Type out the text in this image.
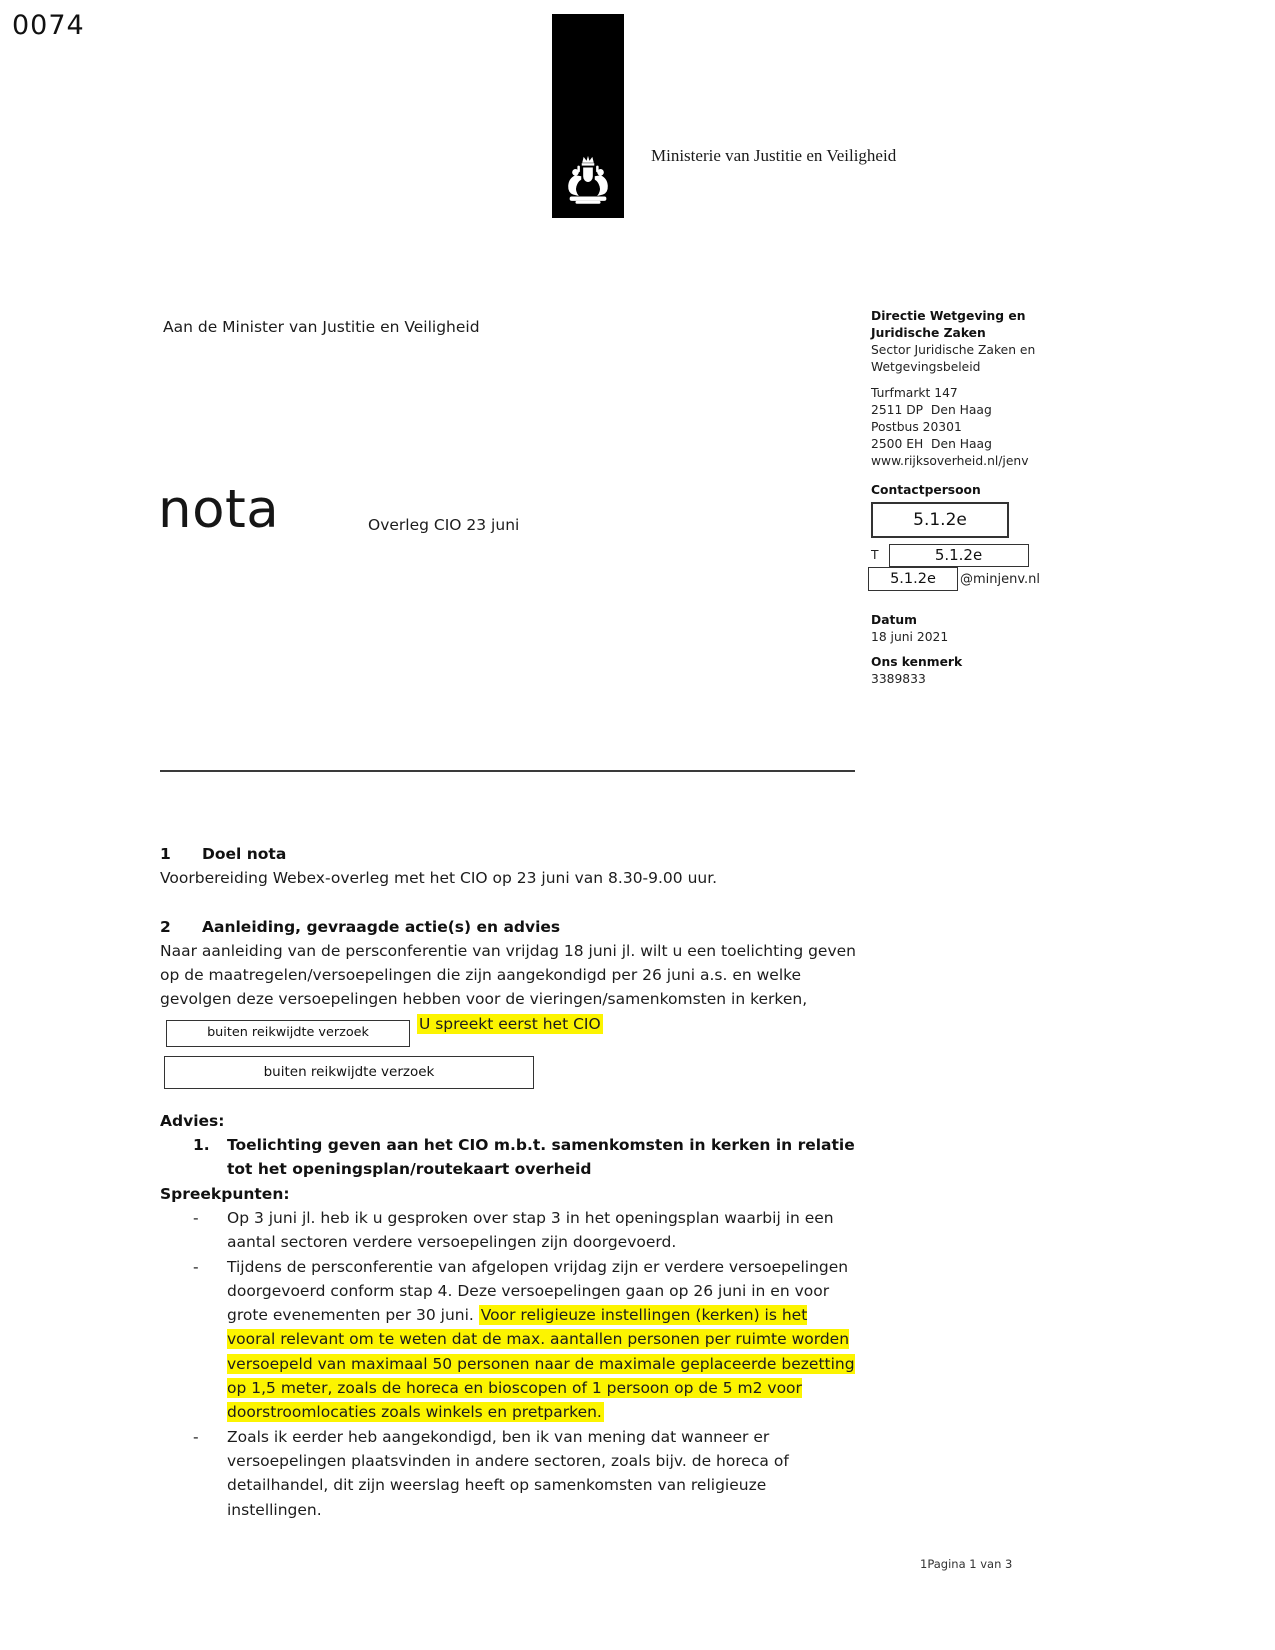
0074
Ministerie van Justitie en Veiligheid
Aan de Minister van Justitie en Veiligheid
nota	Overleg CIO 23 juni
Directie Wetgeving en Juridische Zaken
Sector Juridische Zaken en Wetgevingsbeleid
Turfmarkt 147
2511 DP  Den Haag
Postbus 20301
2500 EH  Den Haag
www.rijksoverheid.nl/jenv
Contactpersoon
5.1.2e
T	5.1.2e
5.1.2e	@minjenv.nl
Datum
18 juni 2021
Ons kenmerk
3389833
1	Doel nota

Voorbereiding Webex-overleg met het CIO op 23 juni van 8.30-9.00 uur.

2	Aanleiding, gevraagde actie(s) en advies

Naar aanleiding van de persconferentie van vrijdag 18 juni jl. wilt u een toelichting geven op de maatregelen/versoepelingen die zijn aangekondigd per 26 juni a.s. en welke gevolgen deze versoepelingen hebben voor de vieringen/samenkomsten in kerken, buiten reikwijdte verzoek	U spreekt eerst het CIO buiten reikwijdte verzoek

Advies:

1.	Toelichting geven aan het CIO m.b.t. samenkomsten in kerken in relatie tot het openingsplan/routekaart overheid

Spreekpunten:

-	Op 3 juni jl. heb ik u gesproken over stap 3 in het openingsplan waarbij in een aantal sectoren verdere versoepelingen zijn doorgevoerd.
-	Tijdens de persconferentie van afgelopen vrijdag zijn er verdere versoepelingen doorgevoerd conform stap 4. Deze versoepelingen gaan op 26 juni in en voor grote evenementen per 30 juni. Voor religieuze instellingen (kerken) is het vooral relevant om te weten dat de max. aantallen personen per ruimte worden versoepeld van maximaal 50 personen naar de maximale geplaceerde bezetting op 1,5 meter, zoals de horeca en bioscopen of 1 persoon op de 5 m2 voor doorstroomlocaties zoals winkels en pretparken.
-	Zoals ik eerder heb aangekondigd, ben ik van mening dat wanneer er versoepelingen plaatsvinden in andere sectoren, zoals bijv. de horeca of detailhandel, dit zijn weerslag heeft op samenkomsten van religieuze instellingen.
1Pagina 1 van 3
